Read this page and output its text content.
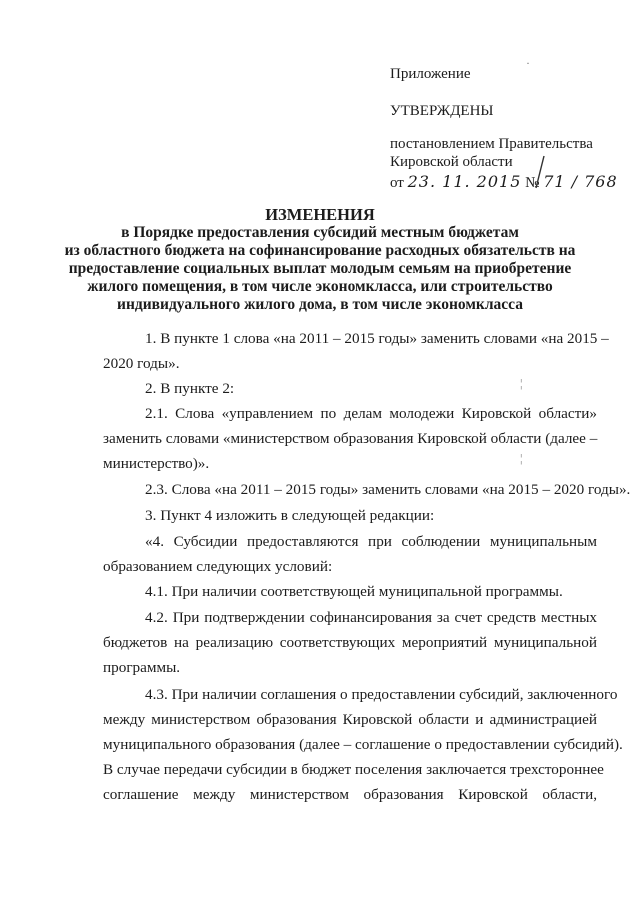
Приложение
УТВЕРЖДЕНЫ
постановлением Правительства
Кировской области
от 23. 11. 2015 № 71 / 768
·
ИЗМЕНЕНИЯ
в Порядке предоставления субсидий местным бюджетам
из областного бюджета на софинансирование расходных обязательств на
предоставление социальных выплат молодым семьям на приобретение
жилого помещения, в том числе экономкласса, или строительство
индивидуального жилого дома, в том числе экономкласса
1. В пункте 1 слова «на 2011 – 2015 годы» заменить словами «на 2015 –
2020 годы».
2. В пункте 2:	¦
2.1. Слова «управлением по делам молодежи Кировской области»
заменить словами «министерством образования Кировской области (далее –
министерство)».	¦
2.3. Слова «на 2011 – 2015 годы» заменить словами «на 2015 – 2020 годы».
3. Пункт 4 изложить в следующей редакции:
«4. Субсидии предоставляются при соблюдении муниципальным
образованием следующих условий:
4.1. При наличии соответствующей муниципальной программы.
4.2. При подтверждении софинансирования за счет средств местных
бюджетов на реализацию соответствующих мероприятий муниципальной
программы.
4.3. При наличии соглашения о предоставлении субсидий, заключенного
между министерством образования Кировской области и администрацией
муниципального образования (далее – соглашение о предоставлении субсидий).
В случае передачи субсидии в бюджет поселения заключается трехстороннее
соглашение между министерством образования Кировской области,
